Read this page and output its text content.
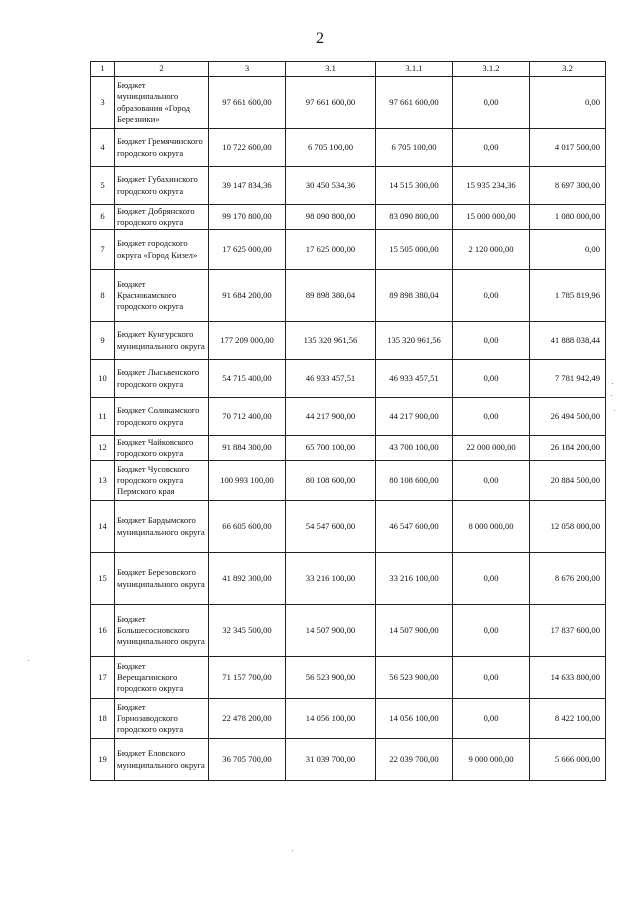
2
1	2	3	3.1	3.1.1	3.1.2	3.2
3	Бюджет муниципального образования «Город Березники»	97 661 600,00	97 661 600,00	97 661 600,00	0,00	0,00
4	Бюджет Гремячинского городского округа	10 722 600,00	6 705 100,00	6 705 100,00	0,00	4 017 500,00
5	Бюджет Губахинского городского округа	39 147 834,36	30 450 534,36	14 515 300,00	15 935 234,36	8 697 300,00
6	Бюджет Добрянского городского округа	99 170 800,00	98 090 800,00	83 090 800,00	15 000 000,00	1 080 000,00
7	Бюджет городского округа «Город Кизел»	17 625 000,00	17 625 000,00	15 505 000,00	2 120 000,00	0,00
8	Бюджет Краснокамского городского округа	91 684 200,00	89 898 380,04	89 898 380,04	0,00	1 785 819,96
9	Бюджет Кунгурского муниципального округа	177 209 000,00	135 320 961,56	135 320 961,56	0,00	41 888 038,44
10	Бюджет Лысьвенского городского округа	54 715 400,00	46 933 457,51	46 933 457,51	0,00	7 781 942,49
11	Бюджет Соликамского городского округа	70 712 400,00	44 217 900,00	44 217 900,00	0,00	26 494 500,00
12	Бюджет Чайковского городского округа	91 884 300,00	65 700 100,00	43 700 100,00	22 000 000,00	26 184 200,00
13	Бюджет Чусовского городского округа Пермского края	100 993 100,00	80 108 600,00	80 108 600,00	0,00	20 884 500,00
14	Бюджет Бардымского муниципального округа	66 605 600,00	54 547 600,00	46 547 600,00	8 000 000,00	12 058 000,00
15	Бюджет Березовского муниципального округа	41 892 300,00	33 216 100,00	33 216 100,00	0,00	8 676 200,00
16	Бюджет Большесосновского муниципального округа	32 345 500,00	14 507 900,00	14 507 900,00	0,00	17 837 600,00
17	Бюджет Верещагинского городского округа	71 157 700,00	56 523 900,00	56 523 900,00	0,00	14 633 800,00
18	Бюджет Горнозаводского городского округа	22 478 200,00	14 056 100,00	14 056 100,00	0,00	8 422 100,00
19	Бюджет Еловского муниципального округа	36 705 700,00	31 039 700,00	22 039 700,00	9 000 000,00	5 666 000,00
